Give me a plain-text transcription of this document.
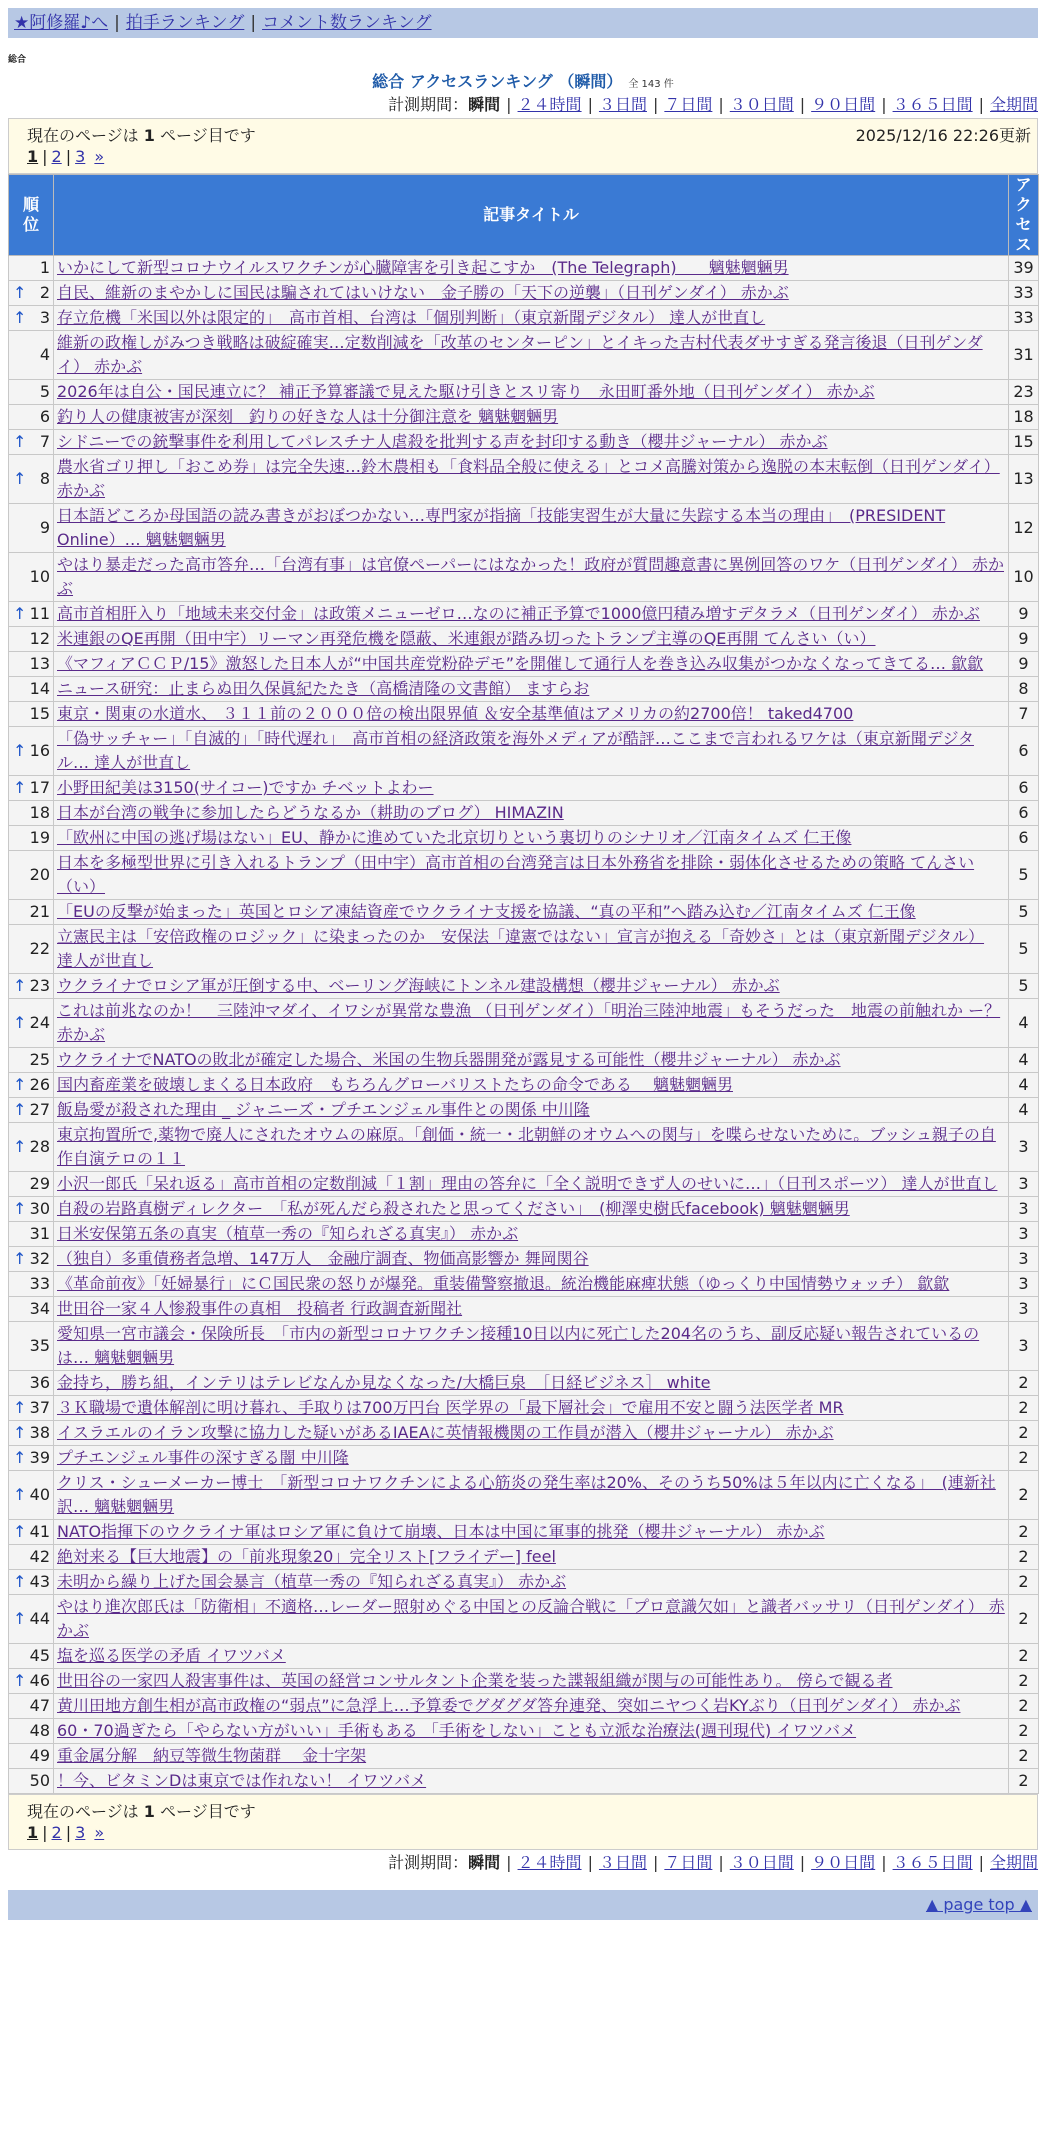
★阿修羅♪へ | 拍手ランキング | コメント数ランキング
総合
総合 アクセスランキング （瞬間） 全 143 件
計測期間：瞬間 | ２４時間 | ３日間 | ７日間 | ３０日間 | ９０日間 | ３６５日間 | 全期間
現在のページは 1 ページ目です	2025/12/16 22:26更新
1 | 2 | 3 »
順位	記事タイトル	アクセス
1	いかにして新型コロナウイルスワクチンが心臓障害を引き起こすか　(The Telegraph)　　魑魅魍魎男	39

↑ 2	自民、維新のまやかしに国民は騙されてはいけない　金子勝の「天下の逆襲」（日刊ゲンダイ） 赤かぶ	33

↑ 3	存立危機「米国以外は限定的」　高市首相、台湾は「個別判断」（東京新聞デジタル） 達人が世直し	33
4	維新の政権しがみつき戦略は破綻確実…定数削減を「改革のセンターピン」とイキった吉村代表ダサすぎる発言後退（日刊ゲンダイ） 赤かぶ	31
5	2026年は自公・国民連立に？ 補正予算審議で見えた駆け引きとスリ寄り　永田町番外地（日刊ゲンダイ） 赤かぶ	23
6	釣り人の健康被害が深刻　釣りの好きな人は十分御注意を 魑魅魍魎男	18

↑ 7	シドニーでの銃撃事件を利用してパレスチナ人虐殺を批判する声を封印する動き（櫻井ジャーナル） 赤かぶ	15

↑ 8	農水省ゴリ押し「おこめ券」は完全失速…鈴木農相も「食料品全般に使える」とコメ高騰対策から逸脱の本末転倒（日刊ゲンダイ） 赤かぶ	13
9	日本語どころか母国語の読み書きがおぼつかない…専門家が指摘「技能実習生が大量に失踪する本当の理由」　(PRESIDENT Online）… 魑魅魍魎男	12
10	やはり暴走だった高市答弁…「台湾有事」は官僚ペーパーにはなかった！政府が質問趣意書に異例回答のワケ（日刊ゲンダイ） 赤かぶ	10

↑ 11	高市首相肝入り「地域未来交付金」は政策メニューゼロ…なのに補正予算で1000億円積み増すデタラメ（日刊ゲンダイ） 赤かぶ	9
12	米連銀のQE再開（田中宇）リーマン再発危機を隠蔽、米連銀が踏み切ったトランプ主導のQE再開 てんさい（い）	9
13	《マフィアＣＣＰ/15》激怒した日本人が“中国共産党粉砕デモ”を開催して通行人を巻き込み収集がつかなくなってきてる… 歙歙	9
14	ニュース研究：止まらぬ田久保眞紀たたき（高橋清隆の文書館） ますらお	8
15	東京・関東の水道水、 ３１１前の２０００倍の検出限界値 ＆安全基準値はアメリカの約2700倍！ taked4700	7

↑ 16	「偽サッチャー」「自滅的」「時代遅れ」　高市首相の経済政策を海外メディアが酷評…ここまで言われるワケは（東京新聞デジタ ル… 達人が世直し	6

↑ 17	小野田紀美は3150(サイコー)ですか チベットよわー	6
18	日本が台湾の戦争に参加したらどうなるか（耕助のブログ） HIMAZIN	6
19	「欧州に中国の逃げ場はない」EU、静かに進めていた北京切りという裏切りのシナリオ／江南タイムズ 仁王像	6
20	日本を多極型世界に引き入れるトランプ（田中宇）高市首相の台湾発言は日本外務省を排除・弱体化させるための策略 てんさい （い）	5
21	「EUの反撃が始まった」英国とロシア凍結資産でウクライナ支援を協議、“真の平和”へ踏み込む／江南タイムズ 仁王像	5
22	立憲民主は「安倍政権のロジック」に染まったのか　安保法「違憲ではない」宣言が抱える「奇妙さ」とは（東京新聞デジタル） 達人が世直し	5

↑ 23	ウクライナでロシア軍が圧倒する中、ベーリング海峡にトンネル建設構想（櫻井ジャーナル） 赤かぶ	5

↑ 24	これは前兆なのか！　三陸沖マダイ、イワシが異常な豊漁 （日刊ゲンダイ）「明治三陸沖地震」もそうだった　地震の前触れか ー？ 赤かぶ	4
25	ウクライナでNATOの敗北が確定した場合、米国の生物兵器開発が露見する可能性（櫻井ジャーナル） 赤かぶ	4

↑ 26	国内畜産業を破壊しまくる日本政府　もちろんグローバリストたちの命令である　 魑魅魍魎男	4

↑ 27	飯島愛が殺された理由 _ ジャニーズ・プチエンジェル事件との関係 中川隆	4

↑ 28	東京拘置所で,薬物で廃人にされたオウムの麻原。「創価・統一・北朝鮮のオウムへの関与」を喋らせないために。ブッシュ親子の自作自演テロの１１	3
29	小沢一郎氏「呆れ返る」高市首相の定数削減「１割」理由の答弁に「全く説明できず人のせいに…」（日刊スポーツ） 達人が世直し	3

↑ 30	自殺の岩路真樹ディレクター　「私が死んだら殺されたと思ってください」　(柳澤史樹氏facebook) 魑魅魍魎男	3
31	日米安保第五条の真実（植草一秀の『知られざる真実』） 赤かぶ	3

↑ 32	（独自）多重債務者急増、147万人　金融庁調査、物価高影響か 舞岡関谷	3
33	《革命前夜》「妊婦暴行」にＣ国民衆の怒りが爆発。重装備警察撤退。統治機能麻痺状態（ゆっくり中国情勢ウォッチ） 歙歙	3
34	世田谷一家４人惨殺事件の真相　投稿者 行政調査新聞社	3
35	愛知県一宮市議会・保険所長　「市内の新型コロナワクチン接種10日以内に死亡した204名のうち、副反応疑い報告されているのは… 魑魅魍魎男	3
36	金持ち，勝ち組，インテリはテレビなんか見なくなった/大橋巨泉　［日経ビジネス］ white	2

↑ 37	３Ｋ職場で遺体解剖に明け暮れ、手取りは700万円台 医学界の「最下層社会」で雇用不安と闘う法医学者 MR	2

↑ 38	イスラエルのイラン攻撃に協力した疑いがあるIAEAに英情報機関の工作員が潜入（櫻井ジャーナル） 赤かぶ	2

↑ 39	プチエンジェル事件の深すぎる闇 中川隆	2

↑ 40	クリス・シューメーカー博士　「新型コロナワクチンによる心筋炎の発生率は20%、そのうち50%は５年以内に亡くなる」　(連新社訳… 魑魅魍魎男	2

↑ 41	NATO指揮下のウクライナ軍はロシア軍に負けて崩壊、日本は中国に軍事的挑発（櫻井ジャーナル） 赤かぶ	2
42	絶対来る【巨大地震】の「前兆現象20」完全リスト[フライデー] feel	2

↑ 43	未明から繰り上げた国会暴言（植草一秀の『知られざる真実』） 赤かぶ	2

↑ 44	やはり進次郎氏は「防衛相」不適格…レーダー照射めぐる中国との反論合戦に「プロ意識欠如」と識者バッサリ（日刊ゲンダイ） 赤かぶ	2
45	塩を巡る医学の矛盾 イワツバメ	2

↑ 46	世田谷の一家四人殺害事件は、英国の経営コンサルタント企業を装った諜報組織が関与の可能性あり。 傍らで観る者	2
47	黄川田地方創生相が高市政権の“弱点”に急浮上…予算委でグダグダ答弁連発、突如ニヤつく岩KYぶり（日刊ゲンダイ） 赤かぶ	2
48	60・70過ぎたら「やらない方がいい」手術もある 「手術をしない」ことも立派な治療法(週刊現代) イワツバメ	2
49	重金属分解　納豆等微生物菌群　 金十字架	2
50	！今、ビタミンDは東京では作れない！ イワツバメ	2
現在のページは 1 ページ目です
1 | 2 | 3 »
計測期間：瞬間 | ２４時間 | ３日間 | ７日間 | ３０日間 | ９０日間 | ３６５日間 | 全期間
▲ page top ▲
